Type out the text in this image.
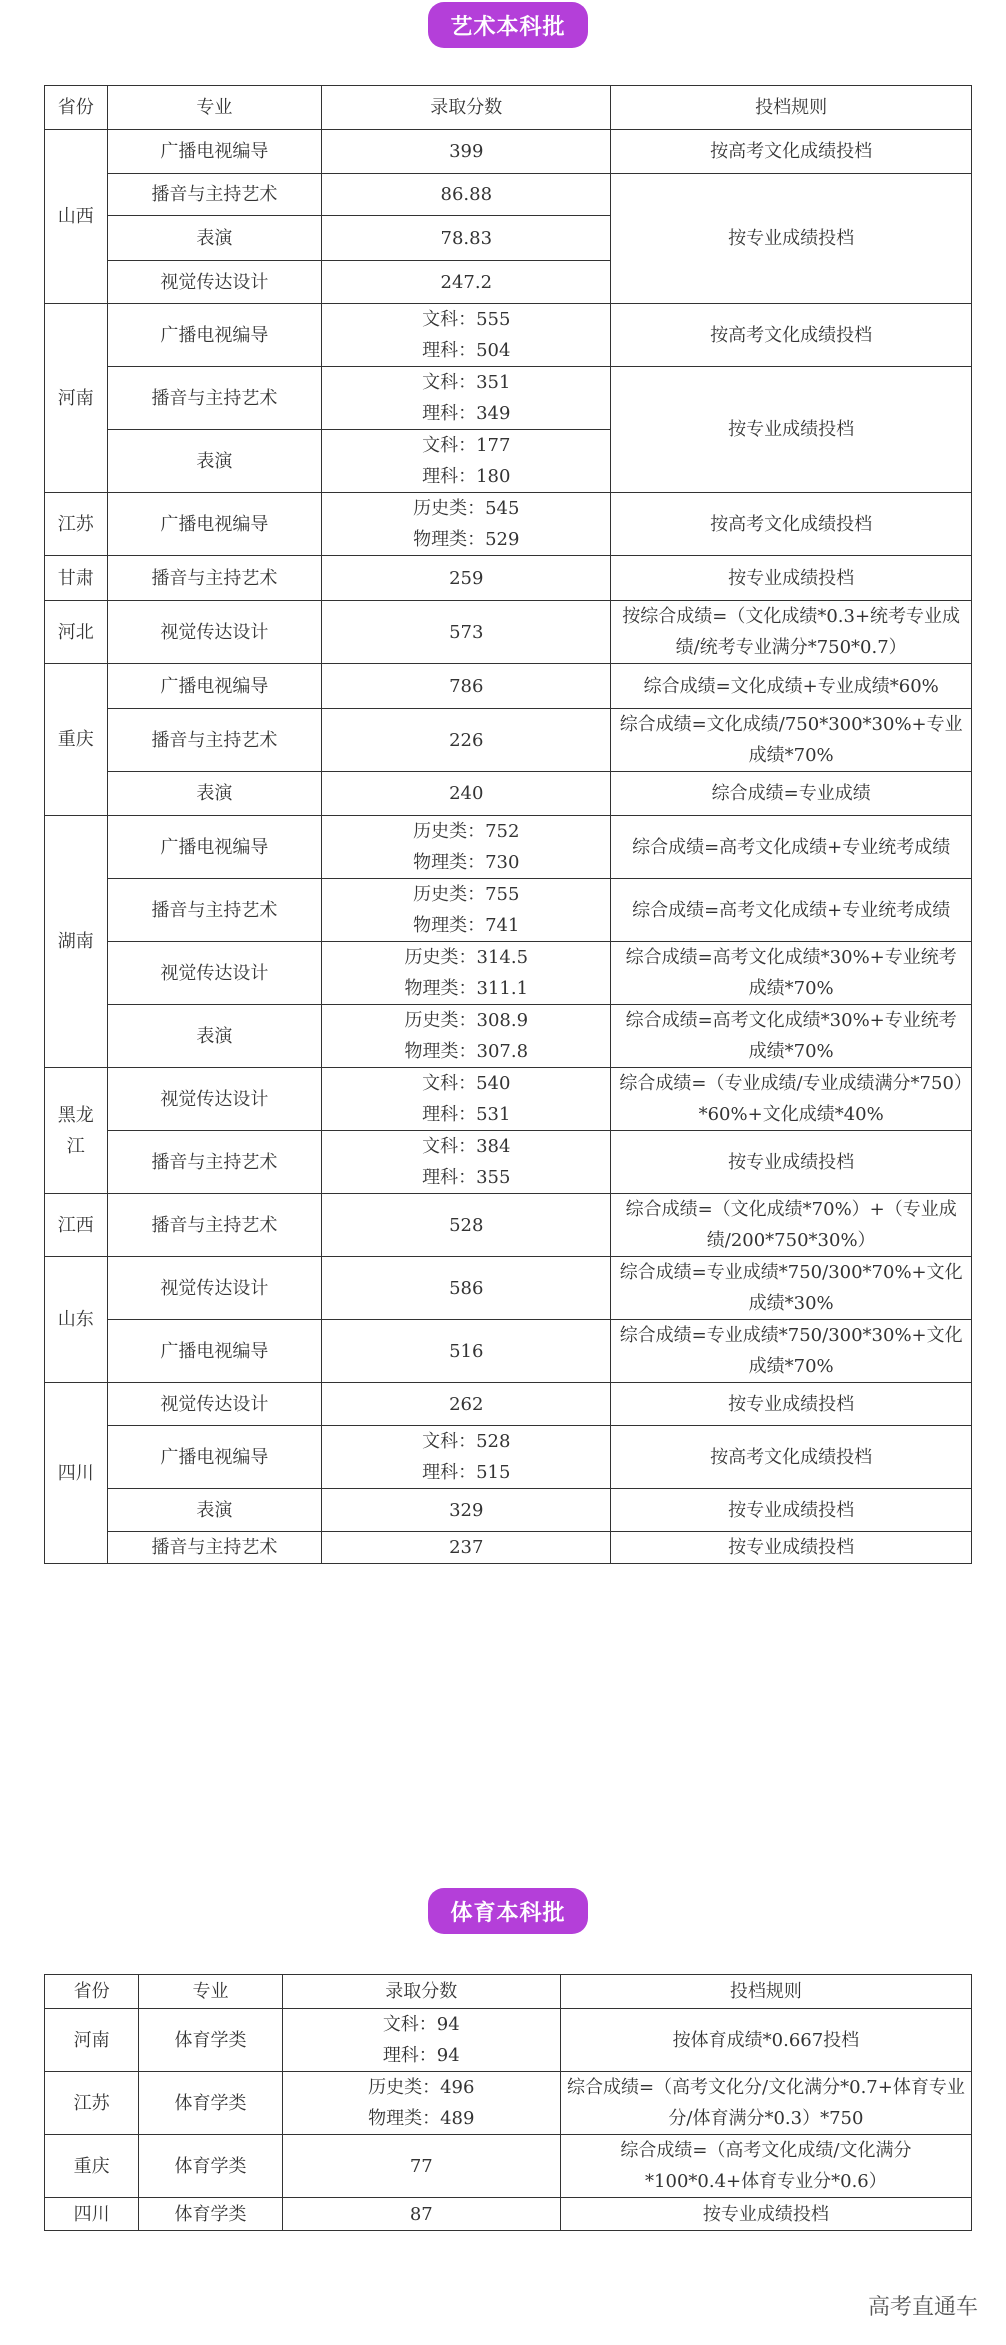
艺术本科批
省份	专业	录取分数	投档规则
山西	广播电视编导	399	按高考文化成绩投档
	播音与主持艺术	86.88	按专业成绩投档
	表演	78.83	

	视觉传达设计	247.2	

河南	广播电视编导	文科：555
理科：504	按高考文化成绩投档
	播音与主持艺术	文科：351
理科：349	按专业成绩投档
	表演	文科：177
理科：180	

江苏	广播电视编导	历史类：545
物理类：529	按高考文化成绩投档
甘肃	播音与主持艺术	259	按专业成绩投档
河北	视觉传达设计	573	按综合成绩=（文化成绩*0.3+统考专业成绩/统考专业满分*750*0.7）
重庆	广播电视编导	786	综合成绩=文化成绩+专业成绩*60%
	播音与主持艺术	226	综合成绩=文化成绩/750*300*30%+专业成绩*70%
	表演	240	综合成绩=专业成绩
湖南	广播电视编导	历史类：752
物理类：730	综合成绩=高考文化成绩+专业统考成绩
	播音与主持艺术	历史类：755
物理类：741	综合成绩=高考文化成绩+专业统考成绩
	视觉传达设计	历史类：314.5
物理类：311.1	综合成绩=高考文化成绩*30%+专业统考成绩*70%
	表演	历史类：308.9
物理类：307.8	综合成绩=高考文化成绩*30%+专业统考成绩*70%
黑龙江	视觉传达设计	文科：540
理科：531	综合成绩=（专业成绩/专业成绩满分*750）*60%+文化成绩*40%
	播音与主持艺术	文科：384
理科：355	按专业成绩投档
江西	播音与主持艺术	528	综合成绩=（文化成绩*70%）+（专业成绩/200*750*30%）
山东	视觉传达设计	586	综合成绩=专业成绩*750/300*70%+文化成绩*30%
	广播电视编导	516	综合成绩=专业成绩*750/300*30%+文化成绩*70%
四川	视觉传达设计	262	按专业成绩投档
	广播电视编导	文科：528
理科：515	按高考文化成绩投档
	表演	329	按专业成绩投档
	播音与主持艺术	237	按专业成绩投档
体育本科批
省份	专业	录取分数	投档规则
河南	体育学类	文科：94
理科：94	按体育成绩*0.667投档
江苏	体育学类	历史类：496
物理类：489	综合成绩=（高考文化分/文化满分*0.7+体育专业分/体育满分*0.3）*750
重庆	体育学类	77	综合成绩=（高考文化成绩/文化满分*100*0.4+体育专业分*0.6）
四川	体育学类	87	按专业成绩投档
高考直通车
